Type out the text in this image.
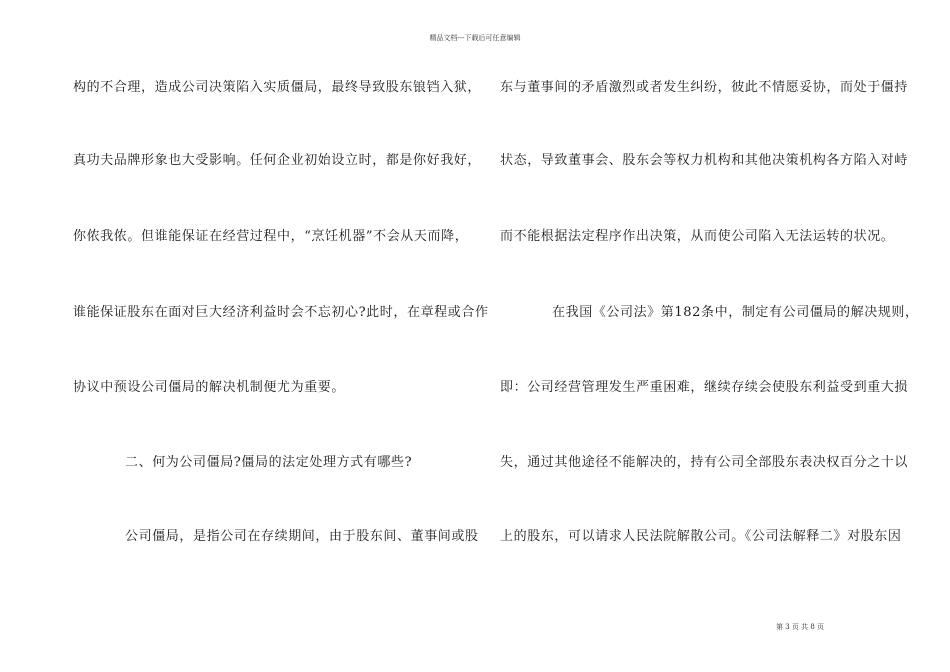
精品文档---下载后可任意编辑
构的不合理，造成公司决策陷入实质僵局，最终导致股东锒铛入狱，
真功夫品牌形象也大受影响。任何企业初始设立时，都是你好我好，
你侬我侬。但谁能保证在经营过程中，“烹饪机器”不会从天而降，
谁能保证股东在面对巨大经济利益时会不忘初心?此时，在章程或合作
协议中预设公司僵局的解决机制便尤为重要。
二、何为公司僵局?僵局的法定处理方式有哪些?
公司僵局，是指公司在存续期间，由于股东间、董事间或股
东与董事间的矛盾激烈或者发生纠纷，彼此不情愿妥协，而处于僵持
状态，导致董事会、股东会等权力机构和其他决策机构各方陷入对峙
而不能根据法定程序作出决策，从而使公司陷入无法运转的状况。
在我国《公司法》第182条中，制定有公司僵局的解决规则，
即：公司经营管理发生严重困难，继续存续会使股东利益受到重大损
失，通过其他途径不能解决的，持有公司全部股东表决权百分之十以
上的股东，可以请求人民法院解散公司。《公司法解释二》对股东因
第 3 页 共 8 页
